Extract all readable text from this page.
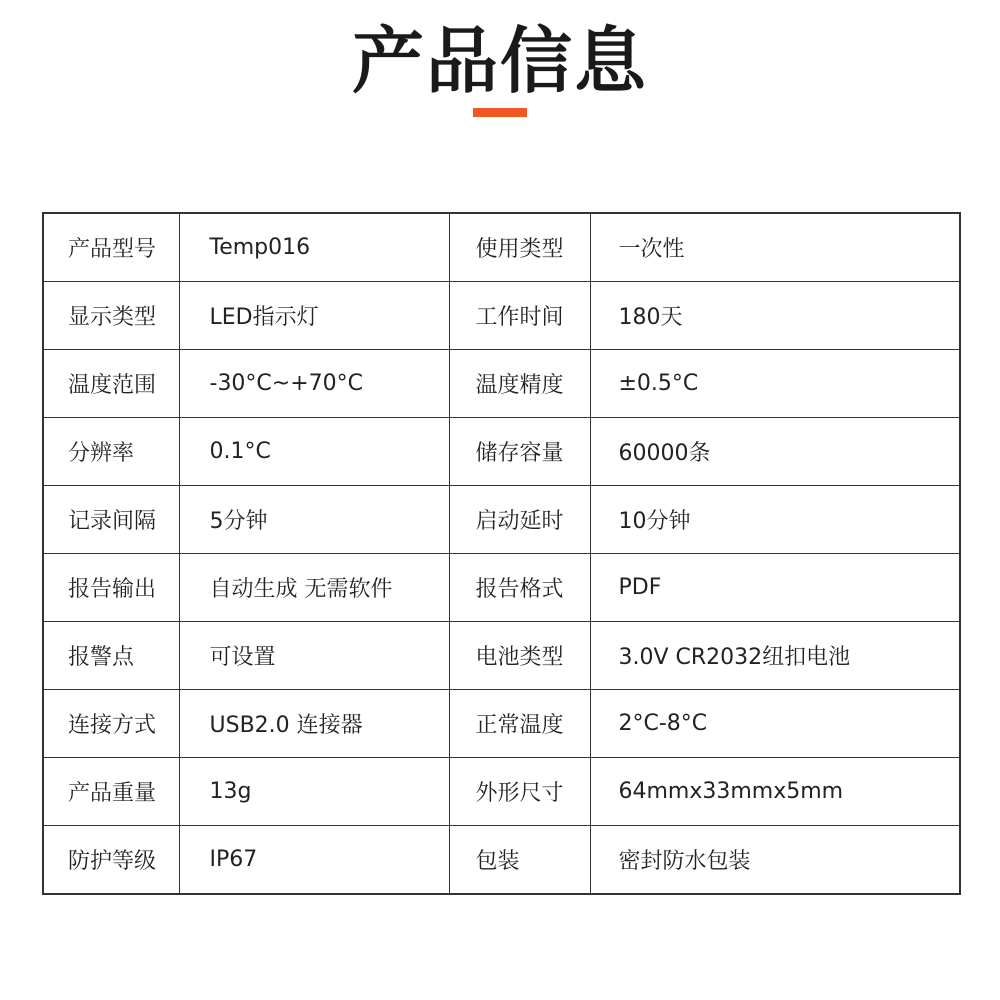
产品信息
产品型号	Temp016	使用类型	一次性
显示类型	LED指示灯	工作时间	180天
温度范围	-30°C~+70°C	温度精度	±0.5°C
分辨率	0.1°C	储存容量	60000条
记录间隔	5分钟	启动延时	10分钟
报告输出	自动生成 无需软件	报告格式	PDF
报警点	可设置	电池类型	3.0V CR2032纽扣电池
连接方式	USB2.0 连接器	正常温度	2°C-8°C
产品重量	13g	外形尺寸	64mmx33mmx5mm
防护等级	IP67	包装	密封防水包装
